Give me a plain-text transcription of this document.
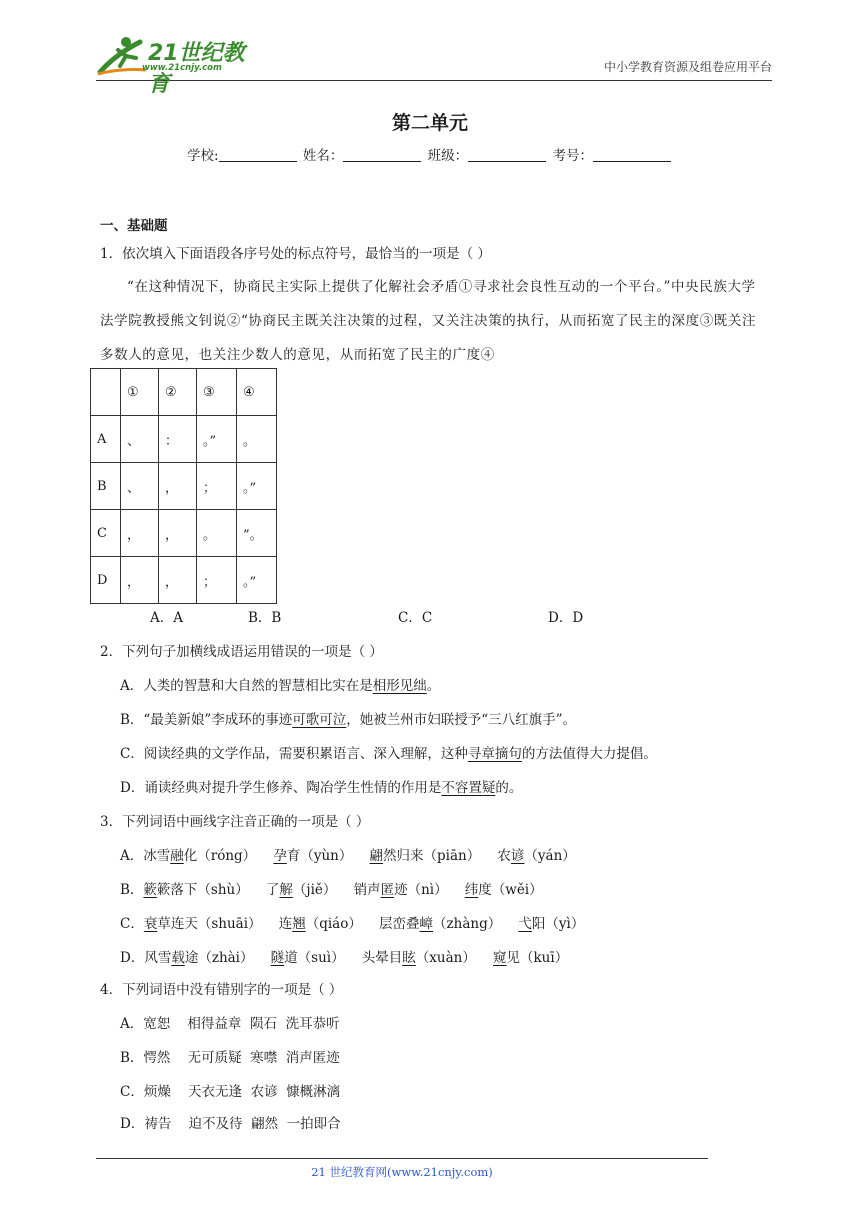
21世纪教育
www.21cnjy.com	中小学教育资源及组卷应用平台
第二单元
学校:	姓名：	班级：	考号：
一、基础题
1．依次填入下面语段各序号处的标点符号，最恰当的一项是（ ）
“在这种情况下，协商民主实际上提供了化解社会矛盾①寻求社会良性互动的一个平台。”中央民族大学法学院教授熊文钊说②“协商民主既关注决策的过程，又关注决策的执行，从而拓宽了民主的深度③既关注多数人的意见，也关注少数人的意见，从而拓宽了民主的广度④
	①	②	③	④
A	、	：	。”	。
B	、	，	；	。”
C	，	，	。	”。
D	，	，	；	。”
A．A	B．B	C．C	D．D
2．下列句子加横线成语运用错误的一项是（ ）
A．人类的智慧和大自然的智慧相比实在是相形见绌。
B．“最美新娘”李成环的事迹可歌可泣，她被兰州市妇联授予“三八红旗手”。
C．阅读经典的文学作品，需要积累语言、深入理解，这种寻章摘句的方法值得大力提倡。
D．诵读经典对提升学生修养、陶冶学生性情的作用是不容置疑的。
3．下列词语中画线字注音正确的一项是（ ）
A．冰雪融化（róng）    孕育（yùn）    翩然归来（piān）    农谚（yán）
B．簌簌落下（shù）    了解（jiě）    销声匿迹（nì）    纬度（wěi）
C．衰草连天（shuāi）    连翘（qiáo）    层峦叠嶂（zhàng）    弋阳（yì）
D．风雪载途（zhài）    隧道（suì）    头晕目眩（xuàn）    窥见（kuī）
4．下列词语中没有错别字的一项是（ ）
A．宽恕    相得益章  陨石  洗耳恭听
B．愕然    无可质疑  寒噤  消声匿迹
C．烦燥    天衣无逢  农谚  慷概淋漓
D．祷告    迫不及待  翩然  一拍即合
21 世纪教育网(www.21cnjy.com)
